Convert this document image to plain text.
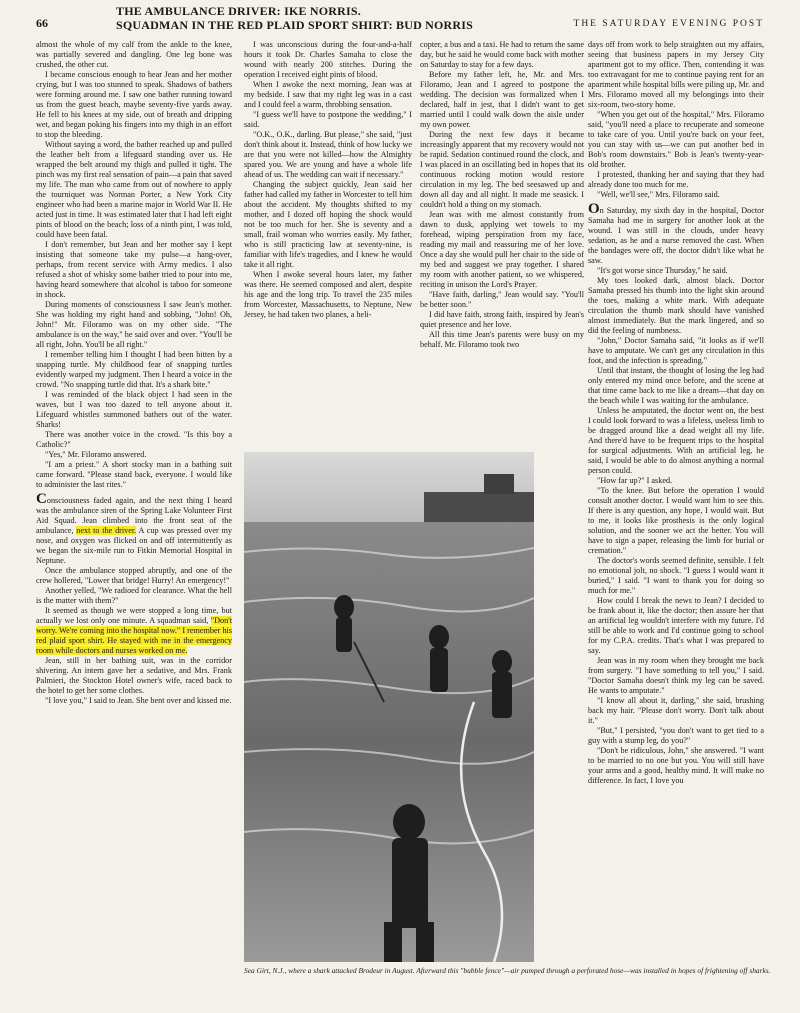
66
THE AMBULANCE DRIVER: IKE NORRIS.
SQUADMAN IN THE RED PLAID SPORT SHIRT: BUD NORRIS	THE SATURDAY EVENING POST

almost the whole of my calf from the ankle to the knee, was partially severed and dangling. One leg bone was crushed, the other cut.

I became conscious enough to hear Jean and her mother crying, but I was too stunned to speak. Shadows of bathers were forming around me. I saw one bather running toward us from the guest beach, maybe seventy-five yards away. He fell to his knees at my side, out of breath and dripping wet, and began poking his fingers into my thigh in an effort to stop the bleeding.

Without saying a word, the bather reached up and pulled the leather belt from a lifeguard standing over us. He wrapped the belt around my thigh and pulled it tight. The pinch was my first real sensation of pain—a pain that saved my life. The man who came from out of nowhere to apply the tourniquet was Norman Porter, a New York City engineer who had been a marine major in World War II. He acted just in time. It was estimated later that I had left eight pints of blood on the beach; loss of a ninth pint, I was told, could have been fatal.

I don't remember, but Jean and her mother say I kept insisting that someone take my pulse—a hang-over, perhaps, from recent service with Army medics. I also refused a shot of whisky some bather tried to pour into me, having heard somewhere that alcohol is taboo for someone in shock.

During moments of consciousness I saw Jean's mother. She was holding my right hand and sobbing, "John! Oh, John!" Mr. Filoramo was on my other side. "The ambulance is on the way," he said over and over. "You'll be all right, John. You'll be all right."

I remember telling him I thought I had been bitten by a snapping turtle. My childhood fear of snapping turtles evidently warped my judgment. Then I heard a voice in the crowd. "No snapping turtle did that. It's a shark bite."

I was reminded of the black object I had seen in the waves, but I was too dazed to tell anyone about it. Lifeguard whistles summoned bathers out of the water. Sharks!

There was another voice in the crowd. "Is this boy a Catholic?"

"Yes," Mr. Filoramo answered.

"I am a priest." A short stocky man in a bathing suit came forward. "Please stand back, everyone. I would like to administer the last rites."

Consciousness faded again, and the next thing I heard was the ambulance siren of the Spring Lake Volunteer First Aid Squad. Jean climbed into the front seat of the ambulance, next to the driver. A cup was pressed over my nose, and oxygen was flicked on and off intermittently as we began the six-mile run to Fitkin Memorial Hospital in Neptune.

Once the ambulance stopped abruptly, and one of the crew hollered, "Lower that bridge! Hurry! An emergency!"

Another yelled, "We radioed for clearance. What the hell is the matter with them?"

It seemed as though we were stopped a long time, but actually we lost only one minute. A squadman said, "Don't worry. We're coming into the hospital now." I remember his red plaid sport shirt. He stayed with me in the emergency room while doctors and nurses worked on me.

Jean, still in her bathing suit, was in the corridor shivering. An intern gave her a sedative, and Mrs. Frank Palmieri, the Stockton Hotel owner's wife, raced back to the hotel to get her some clothes.

"I love you," I said to Jean. She bent over and kissed me.

I was unconscious during the four-and-a-half hours it took Dr. Charles Samaha to close the wound with nearly 200 stitches. During the operation I received eight pints of blood.

When I awoke the next morning, Jean was at my bedside. I saw that my right leg was in a cast and I could feel a warm, throbbing sensation.

"I guess we'll have to postpone the wedding," I said.

"O.K., O.K., darling. But please," she said, "just don't think about it. Instead, think of how lucky we are that you were not killed—how the Almighty spared you. We are young and have a whole life ahead of us. The wedding can wait if necessary."

Changing the subject quickly, Jean said her father had called my father in Worcester to tell him about the accident. My thoughts shifted to my mother, and I dozed off hoping the shock would not be too much for her. She is seventy and a small, frail woman who worries easily. My father, who is still practicing law at seventy-nine, is familiar with life's tragedies, and I knew he would take it all right.

When I awoke several hours later, my father was there. He seemed composed and alert, despite his age and the long trip. To travel the 235 miles from Worcester, Massachusetts, to Neptune, New Jersey, he had taken two planes, a heli-

copter, a bus and a taxi. He had to return the same day, but he said he would come back with mother on Saturday to stay for a few days.

Before my father left, he, Mr. and Mrs. Filoramo, Jean and I agreed to postpone the wedding. The decision was formalized when I declared, half in jest, that I didn't want to get married until I could walk down the aisle under my own power.

During the next few days it became increasingly apparent that my recovery would not be rapid. Sedation continued round the clock, and I was placed in an oscillating bed in hopes that its continuous rocking motion would restore circulation in my leg. The bed seesawed up and down all day and all night. It made me seasick. I couldn't hold a thing on my stomach.

Jean was with me almost constantly from dawn to dusk, applying wet towels to my forehead, wiping perspiration from my face, reading my mail and reassuring me of her love. Once a day she would pull her chair to the side of my bed and suggest we pray together. I shared my room with another patient, so we whispered, reciting in unison the Lord's Prayer.

"Have faith, darling," Jean would say. "You'll be better soon."

I did have faith, strong faith, inspired by Jean's quiet presence and her love.

All this time Jean's parents were busy on my behalf. Mr. Filoramo took two

days off from work to help straighten out my affairs, seeing that business papers in my Jersey City apartment got to my office. Then, contending it was too extravagant for me to continue paying rent for an apartment while hospital bills were piling up, Mr. and Mrs. Filoramo moved all my belongings into their six-room, two-story home.

"When you get out of the hospital," Mrs. Filoramo said, "you'll need a place to recuperate and someone to take care of you. Until you're back on your feet, you can stay with us—we can put another bed in Bob's room downstairs." Bob is Jean's twenty-year-old brother.

I protested, thanking her and saying that they had already done too much for me.

"Well, we'll see," Mrs. Filoramo said.

On Saturday, my sixth day in the hospital, Doctor Samaha had me in surgery for another look at the wound. I was still in the clouds, under heavy sedation, as he and a nurse removed the cast. When the bandages were off, the doctor didn't like what he saw.

"It's got worse since Thursday," he said.

My toes looked dark, almost black. Doctor Samaha pressed his thumb into the light skin around the toes, making a white mark. With adequate circulation the thumb mark should have vanished almost immediately. But the mark lingered, and so did the feeling of numbness.

"John," Doctor Samaha said, "it looks as if we'll have to amputate. We can't get any circulation in this foot, and the infection is spreading."

Until that instant, the thought of losing the leg had only entered my mind once before, and the scene at that time came back to me like a dream—that day on the beach while I was waiting for the ambulance.

Unless he amputated, the doctor went on, the best I could look forward to was a lifeless, useless limb to be dragged around like a dead weight all my life. And there'd have to be frequent trips to the hospital for surgical adjustments. With an artificial leg, he said, I would be able to do almost anything a normal person could.

"How far up?" I asked.

"To the knee. But before the operation I would consult another doctor. I would want him to see this. If there is any question, any hope, I would wait. But to me, it looks like prosthesis is the only logical solution, and the sooner we act the better. You will have to sign a paper, releasing the limb for burial or cremation."

The doctor's words seemed definite, sensible. I felt no emotional jolt, no shock. "I guess I would want it buried," I said. "I want to thank you for doing so much for me."

How could I break the news to Jean? I decided to be frank about it, like the doctor; then assure her that an artificial leg wouldn't interfere with my future. I'd still be able to work and I'd continue going to school for my C.P.A. credits. That's what I was prepared to say.

Jean was in my room when they brought me back from surgery. "I have something to tell you," I said. "Doctor Samaha doesn't think my leg can be saved. He wants to amputate."

"I know all about it, darling," she said, brushing back my hair. "Please don't worry. Don't talk about it."

"But," I persisted, "you don't want to get tied to a guy with a stump leg, do you?"

"Don't be ridiculous, John," she answered. "I want to be married to no one but you. You will still have your arms and a good, healthy mind. It will make no difference. In fact, I love you

Sea Girt, N.J., where a shark attacked Brodeur in August. Afterward this "bubble fence"—air pumped through a perforated hose—was installed in hopes of frightening off sharks.
